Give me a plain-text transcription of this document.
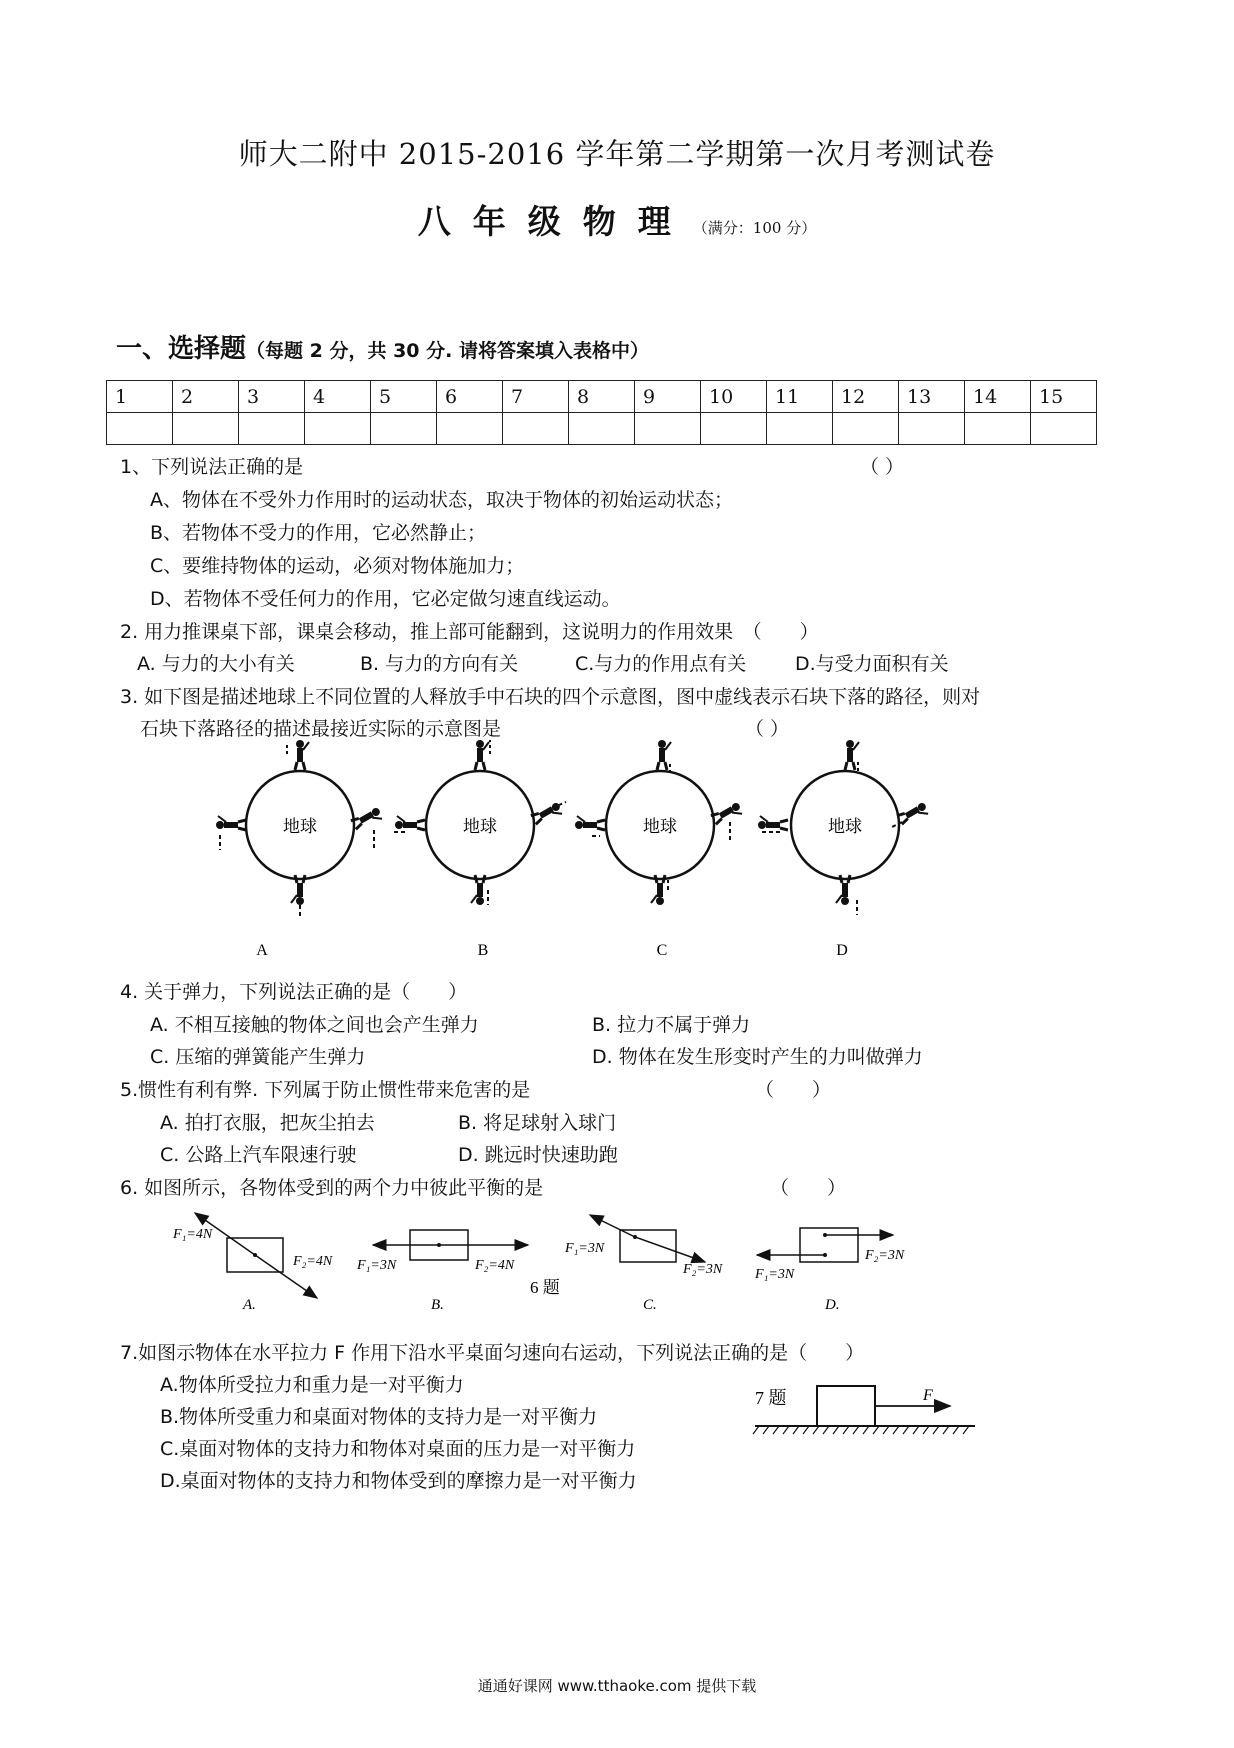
师大二附中 2015-2016 学年第二学期第一次月考测试卷
八年级物理（满分：100 分）
一、选择题（每题 2 分，共 30 分. 请将答案填入表格中）
1	2	3	4	5	6	7	8	9	10	11	12	13	14	15

1、下列说法正确的是	（ ）
A、物体在不受外力作用时的运动状态，取决于物体的初始运动状态；
B、若物体不受力的作用，它必然静止；
C、要维持物体的运动，必须对物体施加力；
D、若物体不受任何力的作用，它必定做匀速直线运动。
2. 用力推课桌下部，课桌会移动，推上部可能翻到，这说明力的作用效果　（　　）
A. 与力的大小有关	B. 与力的方向有关	C.与力的作用点有关	D.与受力面积有关
3. 如下图是描述地球上不同位置的人释放手中石块的四个示意图，图中虚线表示石块下落的路径，则对
石块下落路径的描述最接近实际的示意图是	（ ）
地球
A
地球
B
地球
C
地球
D
4. 关于弹力，下列说法正确的是（　　）
A. 不相互接触的物体之间也会产生弹力	B. 拉力不属于弹力
C. 压缩的弹簧能产生弹力	D. 物体在发生形变时产生的力叫做弹力
5.惯性有利有弊. 下列属于防止惯性带来危害的是	（　　）
A. 拍打衣服，把灰尘拍去	B. 将足球射入球门
C. 公路上汽车限速行驶	D. 跳远时快速助跑
6. 如图所示，各物体受到的两个力中彼此平衡的是	（　　）
F₁=4N
F₂=4N
A.
F₁=3N	F₂=4N
B.
6 题
F₁=3N
F₂=3N
C.
F₂=3N
F₁=3N
D.
7.如图示物体在水平拉力 F 作用下沿水平桌面匀速向右运动，下列说法正确的是（　　）
A.物体所受拉力和重力是一对平衡力
B.物体所受重力和桌面对物体的支持力是一对平衡力
C.桌面对物体的支持力和物体对桌面的压力是一对平衡力
D.桌面对物体的支持力和物体受到的摩擦力是一对平衡力
7 题	F
通通好课网 www.tthaoke.com 提供下载
